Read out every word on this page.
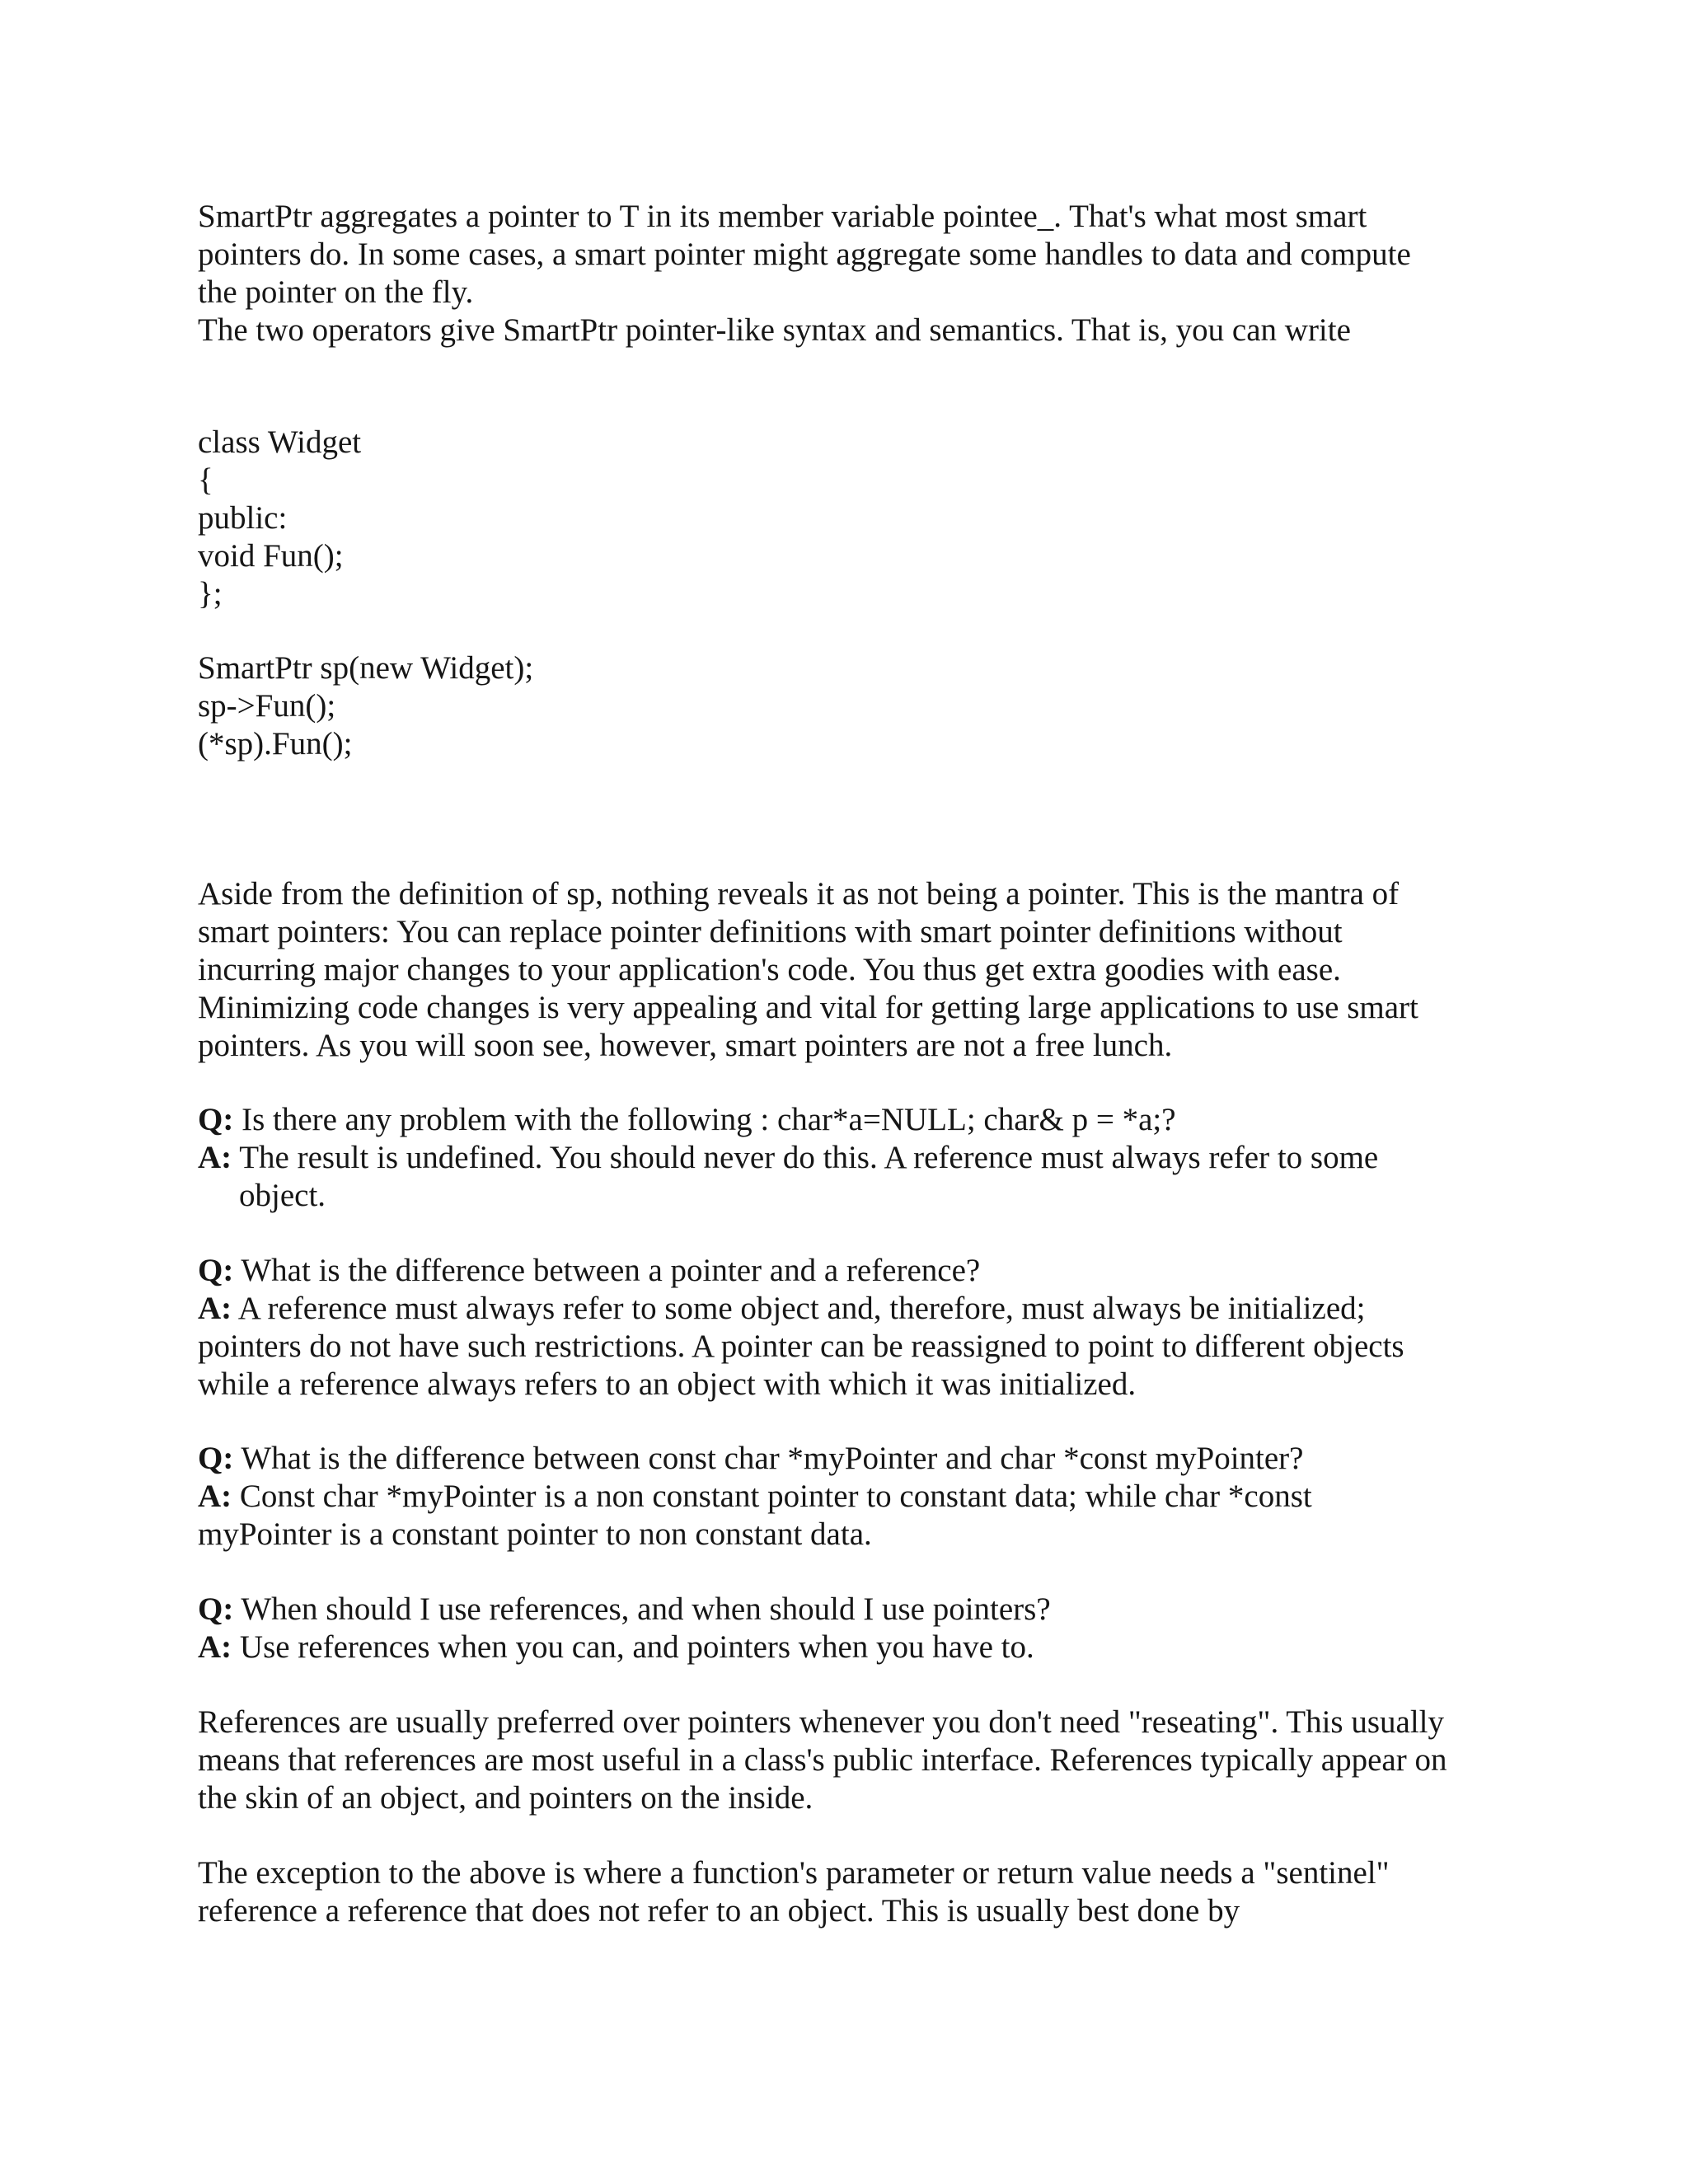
SmartPtr aggregates a pointer to T in its member variable pointee_. That's what most smart
pointers do. In some cases, a smart pointer might aggregate some handles to data and compute
the pointer on the fly.
The two operators give SmartPtr pointer-like syntax and semantics. That is, you can write
class Widget
{
public:
void Fun();
};
SmartPtr sp(new Widget);
sp->Fun();
(*sp).Fun();
Aside from the definition of sp, nothing reveals it as not being a pointer. This is the mantra of
smart pointers: You can replace pointer definitions with smart pointer definitions without
incurring major changes to your application's code. You thus get extra goodies with ease.
Minimizing code changes is very appealing and vital for getting large applications to use smart
pointers. As you will soon see, however, smart pointers are not a free lunch.
Q: Is there any problem with the following : char*a=NULL; char& p = *a;?
A: The result is undefined. You should never do this. A reference must always refer to some
object.
Q: What is the difference between a pointer and a reference?
A: A reference must always refer to some object and, therefore, must always be initialized;
pointers do not have such restrictions. A pointer can be reassigned to point to different objects
while a reference always refers to an object with which it was initialized.
Q: What is the difference between const char *myPointer and char *const myPointer?
A: Const char *myPointer is a non constant pointer to constant data; while char *const
myPointer is a constant pointer to non constant data.
Q: When should I use references, and when should I use pointers?
A: Use references when you can, and pointers when you have to.
References are usually preferred over pointers whenever you don't need "reseating". This usually
means that references are most useful in a class's public interface. References typically appear on
the skin of an object, and pointers on the inside.
The exception to the above is where a function's parameter or return value needs a "sentinel"
reference a reference that does not refer to an object. This is usually best done by
